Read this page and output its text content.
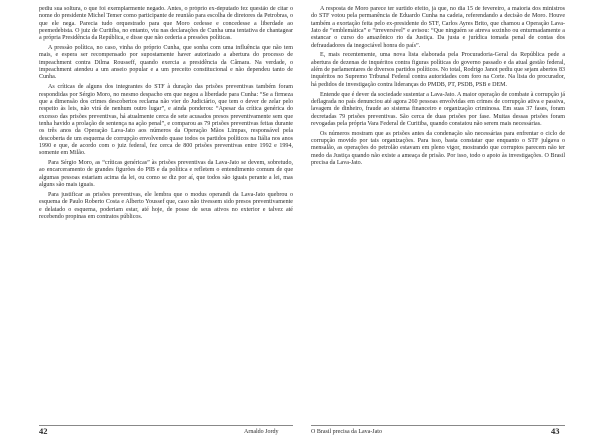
pediu sua soltura, o que foi exemplarmente negado. Antes, o próprio ex-deputado fez questão de citar o nome do presidente Michel Temer como participante de reunião para escolha de diretores da Petrobras, o que ele nega. Parecia tudo orquestrado para que Moro cedesse e concedesse a liberdade ao peemedebista. O juiz de Curitiba, no entanto, viu nas declarações de Cunha uma tentativa de chantagear a própria Presidência da República, e disse que não cederia a pressões políticas.

A pressão política, no caso, vinha do próprio Cunha, que sonha com uma influência que não tem mais, e espera ser recompensado por supostamente haver autorizado a abertura do processo de impeachment contra Dilma Rousseff, quando exercia a presidência da Câmara. Na verdade, o impeachment atendeu a um anseio popular e a um preceito constitucional e não dependeu tanto de Cunha.

As críticas de alguns dos integrantes do STF à duração das prisões preventivas também foram respondidas por Sérgio Moro, no mesmo despacho em que negou a liberdade para Cunha: “Se a firmeza que a dimensão dos crimes descobertos reclama não vier do Judiciário, que tem o dever de zelar pelo respeito às leis, não virá de nenhum outro lugar”, e ainda ponderou: “Apesar da crítica genérica do excesso das prisões preventivas, há atualmente cerca de sete acusados presos preventivamente sem que tenha havido a prolação de sentença na ação penal”, e comparou as 79 prisões preventivas feitas durante os três anos da Operação Lava-Jato aos números da Operação Mãos Limpas, responsável pela descoberta de um esquema de corrupção envolvendo quase todos os partidos políticos na Itália nos anos 1990 e que, de acordo com o juiz federal, fez cerca de 800 prisões preventivas entre 1992 e 1994, somente em Milão.

Para Sérgio Moro, as “críticas genéricas” às prisões preventivas da Lava-Jato se devem, sobretudo, ao encarceramento de grandes figurões do PIB e da política e refletem o entendimento comum de que algumas pessoas estariam acima da lei, ou como se diz por aí, que todos são iguais perante a lei, mas alguns são mais iguais.

Para justificar as prisões preventivas, ele lembra que o modus operandi da Lava-Jato quebrou o esquema de Paulo Roberto Costa e Alberto Youssef que, caso não tivessem sido presos preventivamente e delatado o esquema, poderiam estar, até hoje, de posse de seus ativos no exterior e talvez até recebendo propinas em contratos públicos.

A resposta de Moro parece ter surtido efeito, já que, no dia 15 de fevereiro, a maioria dos ministros do STF votou pela permanência de Eduardo Cunha na cadeia, referendando a decisão de Moro. Houve também a exortação feita pelo ex-presidente do STF, Carlos Ayres Brito, que chamou a Operação Lava-Jato de “emblemática” e “irreversível” e avisou: “Que ninguém se atreva sozinho ou enturmadamente a estancar o curso do amazônico rio da Justiça. Da justa e jurídica tomada penal de contas dos defraudadores da inegociável honra do país”.

E, mais recentemente, uma nova lista elaborada pela Procuradoria-Geral da República pede a abertura de dezenas de inquéritos contra figuras políticas do governo passado e da atual gestão federal, além de parlamentares de diversos partidos políticos. No total, Rodrigo Janot pediu que sejam abertos 83 inquéritos no Supremo Tribunal Federal contra autoridades com foro na Corte. Na lista do procurador, há pedidos de investigação contra lideranças do PMDB, PT, PSDB, PSB e DEM.

Entende que é dever da sociedade sustentar a Lava-Jato. A maior operação de combate à corrupção já deflagrada no país denunciou até agora 260 pessoas envolvidas em crimes de corrupção ativa e passiva, lavagem de dinheiro, fraude ao sistema financeiro e organização criminosa. Em suas 37 fases, foram decretadas 79 prisões preventivas. São cerca de duas prisões por fase. Muitas dessas prisões foram revogadas pela própria Vara Federal de Curitiba, quando constatou não serem mais necessárias.

Os números mostram que as prisões antes da condenação são necessárias para enfrentar o ciclo de corrupção movido por tais organizações. Para isso, basta constatar que enquanto o STF julgava o mensalão, as operações do petrolão estavam em pleno vigor, mostrando que corruptos parecem não ter medo da Justiça quando não existe a ameaça de prisão. Por isso, todo o apoio às investigações. O Brasil precisa da Lava-Jato.

42	Arnaldo Jordy	O Brasil precisa da Lava-Jato	43
